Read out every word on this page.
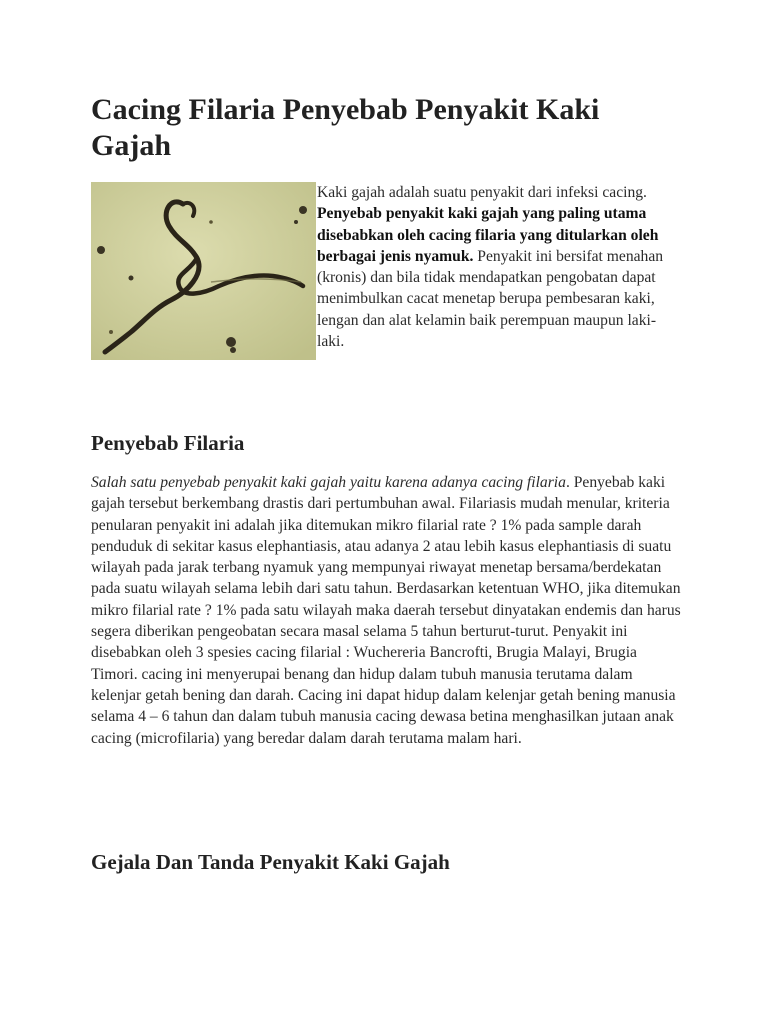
Cacing Filaria Penyebab Penyakit Kaki Gajah

Kaki gajah adalah suatu penyakit dari infeksi cacing. Penyebab penyakit kaki gajah yang paling utama disebabkan oleh cacing filaria yang ditularkan oleh berbagai jenis nyamuk. Penyakit ini bersifat menahan (kronis) dan bila tidak mendapatkan pengobatan dapat menimbulkan cacat menetap berupa pembesaran kaki, lengan dan alat kelamin baik perempuan maupun laki-laki.

Penyebab Filaria

Salah satu penyebab penyakit kaki gajah yaitu karena adanya cacing filaria. Penyebab kaki gajah tersebut berkembang drastis dari pertumbuhan awal. Filariasis mudah menular, kriteria penularan penyakit ini adalah jika ditemukan mikro filarial rate ? 1% pada sample darah penduduk di sekitar kasus elephantiasis, atau adanya 2 atau lebih kasus elephantiasis di suatu wilayah pada jarak terbang nyamuk yang mempunyai riwayat menetap bersama/berdekatan pada suatu wilayah selama lebih dari satu tahun. Berdasarkan ketentuan WHO, jika ditemukan mikro filarial rate ? 1% pada satu wilayah maka daerah tersebut dinyatakan endemis dan harus segera diberikan pengeobatan secara masal selama 5 tahun berturut-turut. Penyakit ini disebabkan oleh 3 spesies cacing filarial : Wuchereria Bancrofti, Brugia Malayi, Brugia Timori. cacing ini menyerupai benang dan hidup dalam tubuh manusia terutama dalam kelenjar getah bening dan darah. Cacing ini dapat hidup dalam kelenjar getah bening manusia selama 4 – 6 tahun dan dalam tubuh manusia cacing dewasa betina menghasilkan jutaan anak cacing (microfilaria) yang beredar dalam darah terutama malam hari.

Gejala Dan Tanda Penyakit Kaki Gajah
